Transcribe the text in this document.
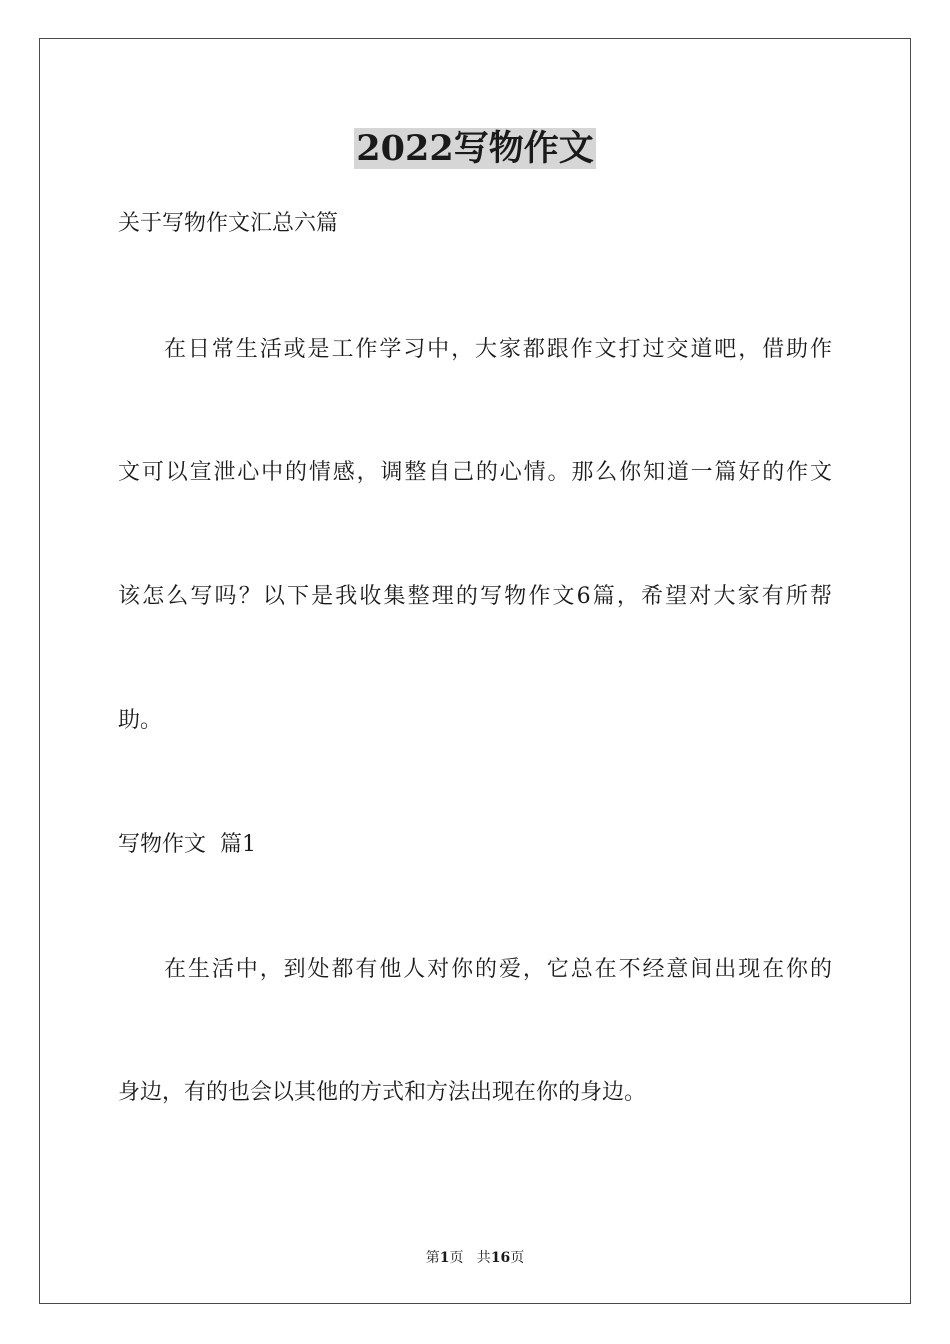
2022写物作文

关于写物作文汇总六篇

在日常生活或是工作学习中，大家都跟作文打过交道吧，借助作

文可以宣泄心中的情感，调整自己的心情。那么你知道一篇好的作文

该怎么写吗？以下是我收集整理的写物作文6篇，希望对大家有所帮

助。

写物作文  篇1

在生活中，到处都有他人对你的爱，它总在不经意间出现在你的

身边，有的也会以其他的方式和方法出现在你的身边。

第1页   共16页
